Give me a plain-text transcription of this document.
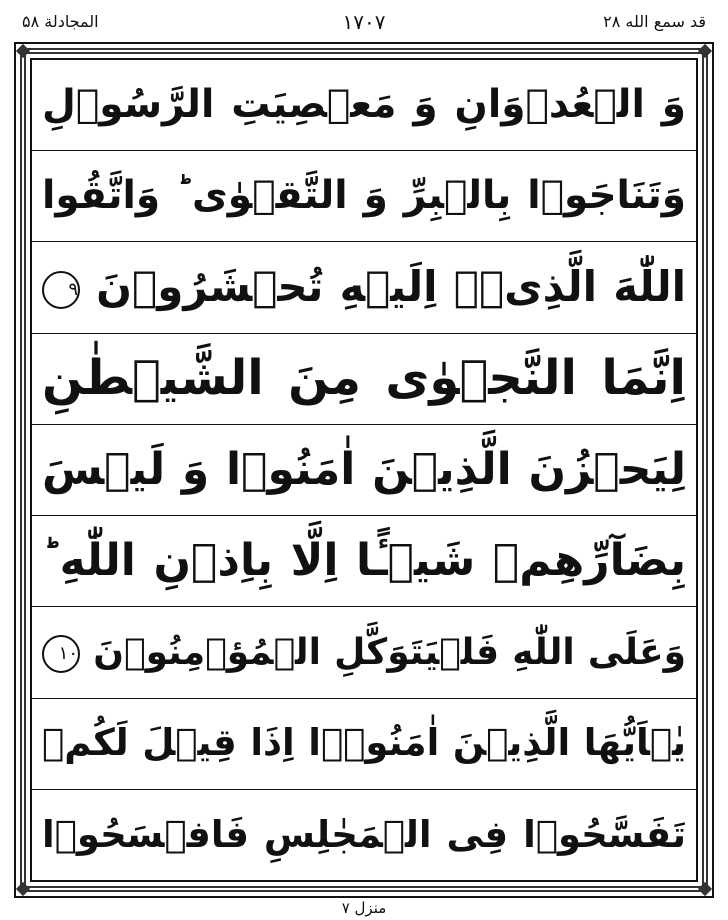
المجادلة ۵۸	۱۷۰۷	قد سمع الله ۲۸
وَ الۡعُدۡوَانِ وَ مَعۡصِيَتِ الرَّسُوۡلِ
وَتَنَاجَوۡا بِالۡبِرِّ وَ التَّقۡوٰی ؕ وَاتَّقُوا
اللّٰهَ الَّذِیۡۤ اِلَیۡهِ تُحۡشَرُوۡنَ ۹
اِنَّمَا النَّجۡوٰی مِنَ الشَّيۡطٰنِ
لِيَحۡزُنَ الَّذِيۡنَ اٰمَنُوۡا وَ لَيۡسَ
بِضَآرِّهِمۡ شَيۡـًٔا اِلَّا بِاِذۡنِ اللّٰهِ ؕ
وَعَلَى اللّٰهِ فَلۡيَتَوَكَّلِ الۡمُؤۡمِنُوۡنَ ۱۰
يٰۤاَيُّهَا الَّذِيۡنَ اٰمَنُوۡۤا اِذَا قِيۡلَ لَكُمۡ
تَفَسَّحُوۡا فِى الۡمَجٰلِسِ فَافۡسَحُوۡا
منزل ۷
